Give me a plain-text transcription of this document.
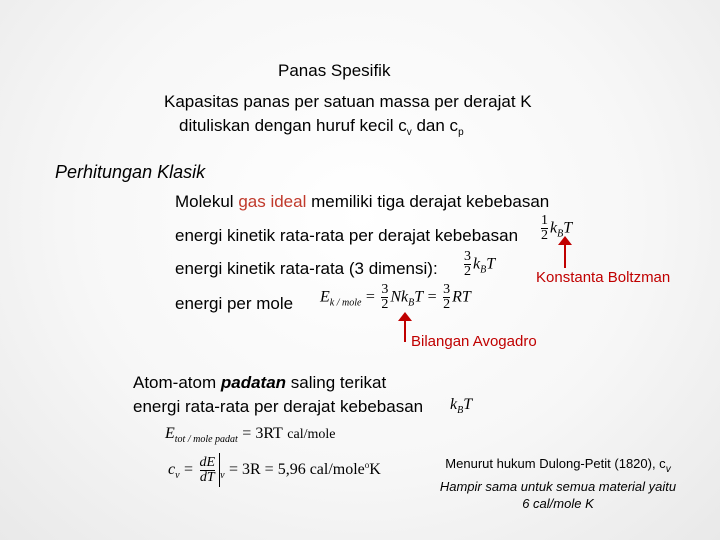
Panas Spesifik
Kapasitas panas per satuan massa per derajat K
dituliskan dengan huruf kecil $c_v$ dan $c_p$
Perhitungan Klasik
Molekul gas ideal memiliki tiga derajat kebebasan
energi kinetik rata-rata per derajat kebebasan $\frac{1}{2} k_BT$
energi kinetik rata-rata (3 dimensi): $\frac{3}{2} k_BT$
Konstanta Boltzman
energi per mole $E_{k / mole} = \frac{3}{2} Nk_BT = \frac{3}{2}$ RT
Bilangan Avogadro
Atom-atom padatan saling terikat
energi rata-rata per derajat kebebasan $k_BT$
$E_{tot / mole padat} = 3RT$ cal/mole
$c_v = \frac{dE}{dT} _v = 3R = 5,96$ cal/mole$^o$K	Menurut hukum Dulong-Petit (1820), $c_v$
Hampir sama untuk semua material yaitu
6 cal/mole K
